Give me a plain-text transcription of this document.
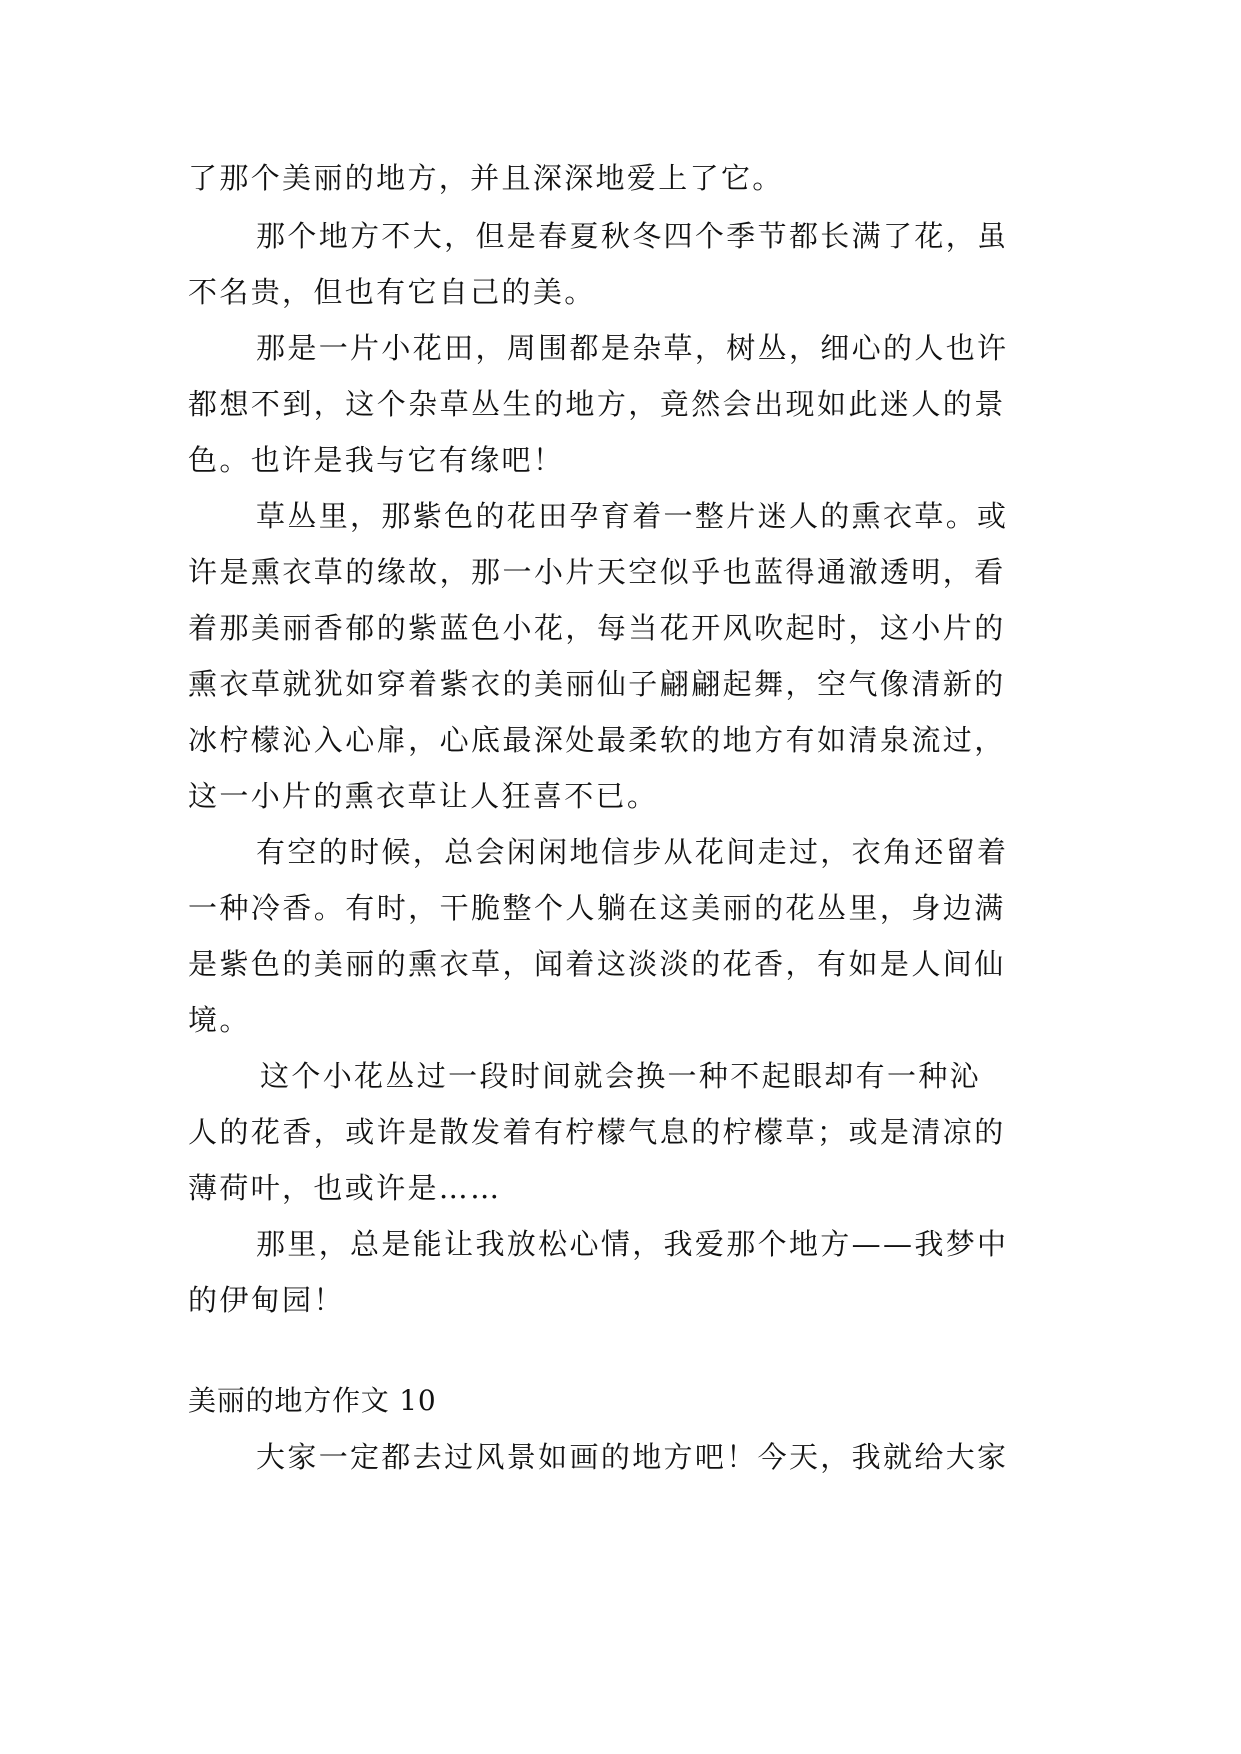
了那个美丽的地方，并且深深地爱上了它。
那个地方不大，但是春夏秋冬四个季节都长满了花，虽
不名贵，但也有它自己的美。
那是一片小花田，周围都是杂草，树丛，细心的人也许
都想不到，这个杂草丛生的地方，竟然会出现如此迷人的景
色。也许是我与它有缘吧！
草丛里，那紫色的花田孕育着一整片迷人的熏衣草。或
许是熏衣草的缘故，那一小片天空似乎也蓝得通澈透明，看
着那美丽香郁的紫蓝色小花，每当花开风吹起时，这小片的
熏衣草就犹如穿着紫衣的美丽仙子翩翩起舞，空气像清新的
冰柠檬沁入心扉，心底最深处最柔软的地方有如清泉流过，
这一小片的熏衣草让人狂喜不已。
有空的时候，总会闲闲地信步从花间走过，衣角还留着
一种冷香。有时，干脆整个人躺在这美丽的花丛里，身边满
是紫色的美丽的熏衣草，闻着这淡淡的花香，有如是人间仙
境。
这个小花丛过一段时间就会换一种不起眼却有一种沁
人的花香，或许是散发着有柠檬气息的柠檬草；或是清凉的
薄荷叶，也或许是……
那里，总是能让我放松心情，我爱那个地方——我梦中
的伊甸园！
美丽的地方作文 10
大家一定都去过风景如画的地方吧！今天，我就给大家
